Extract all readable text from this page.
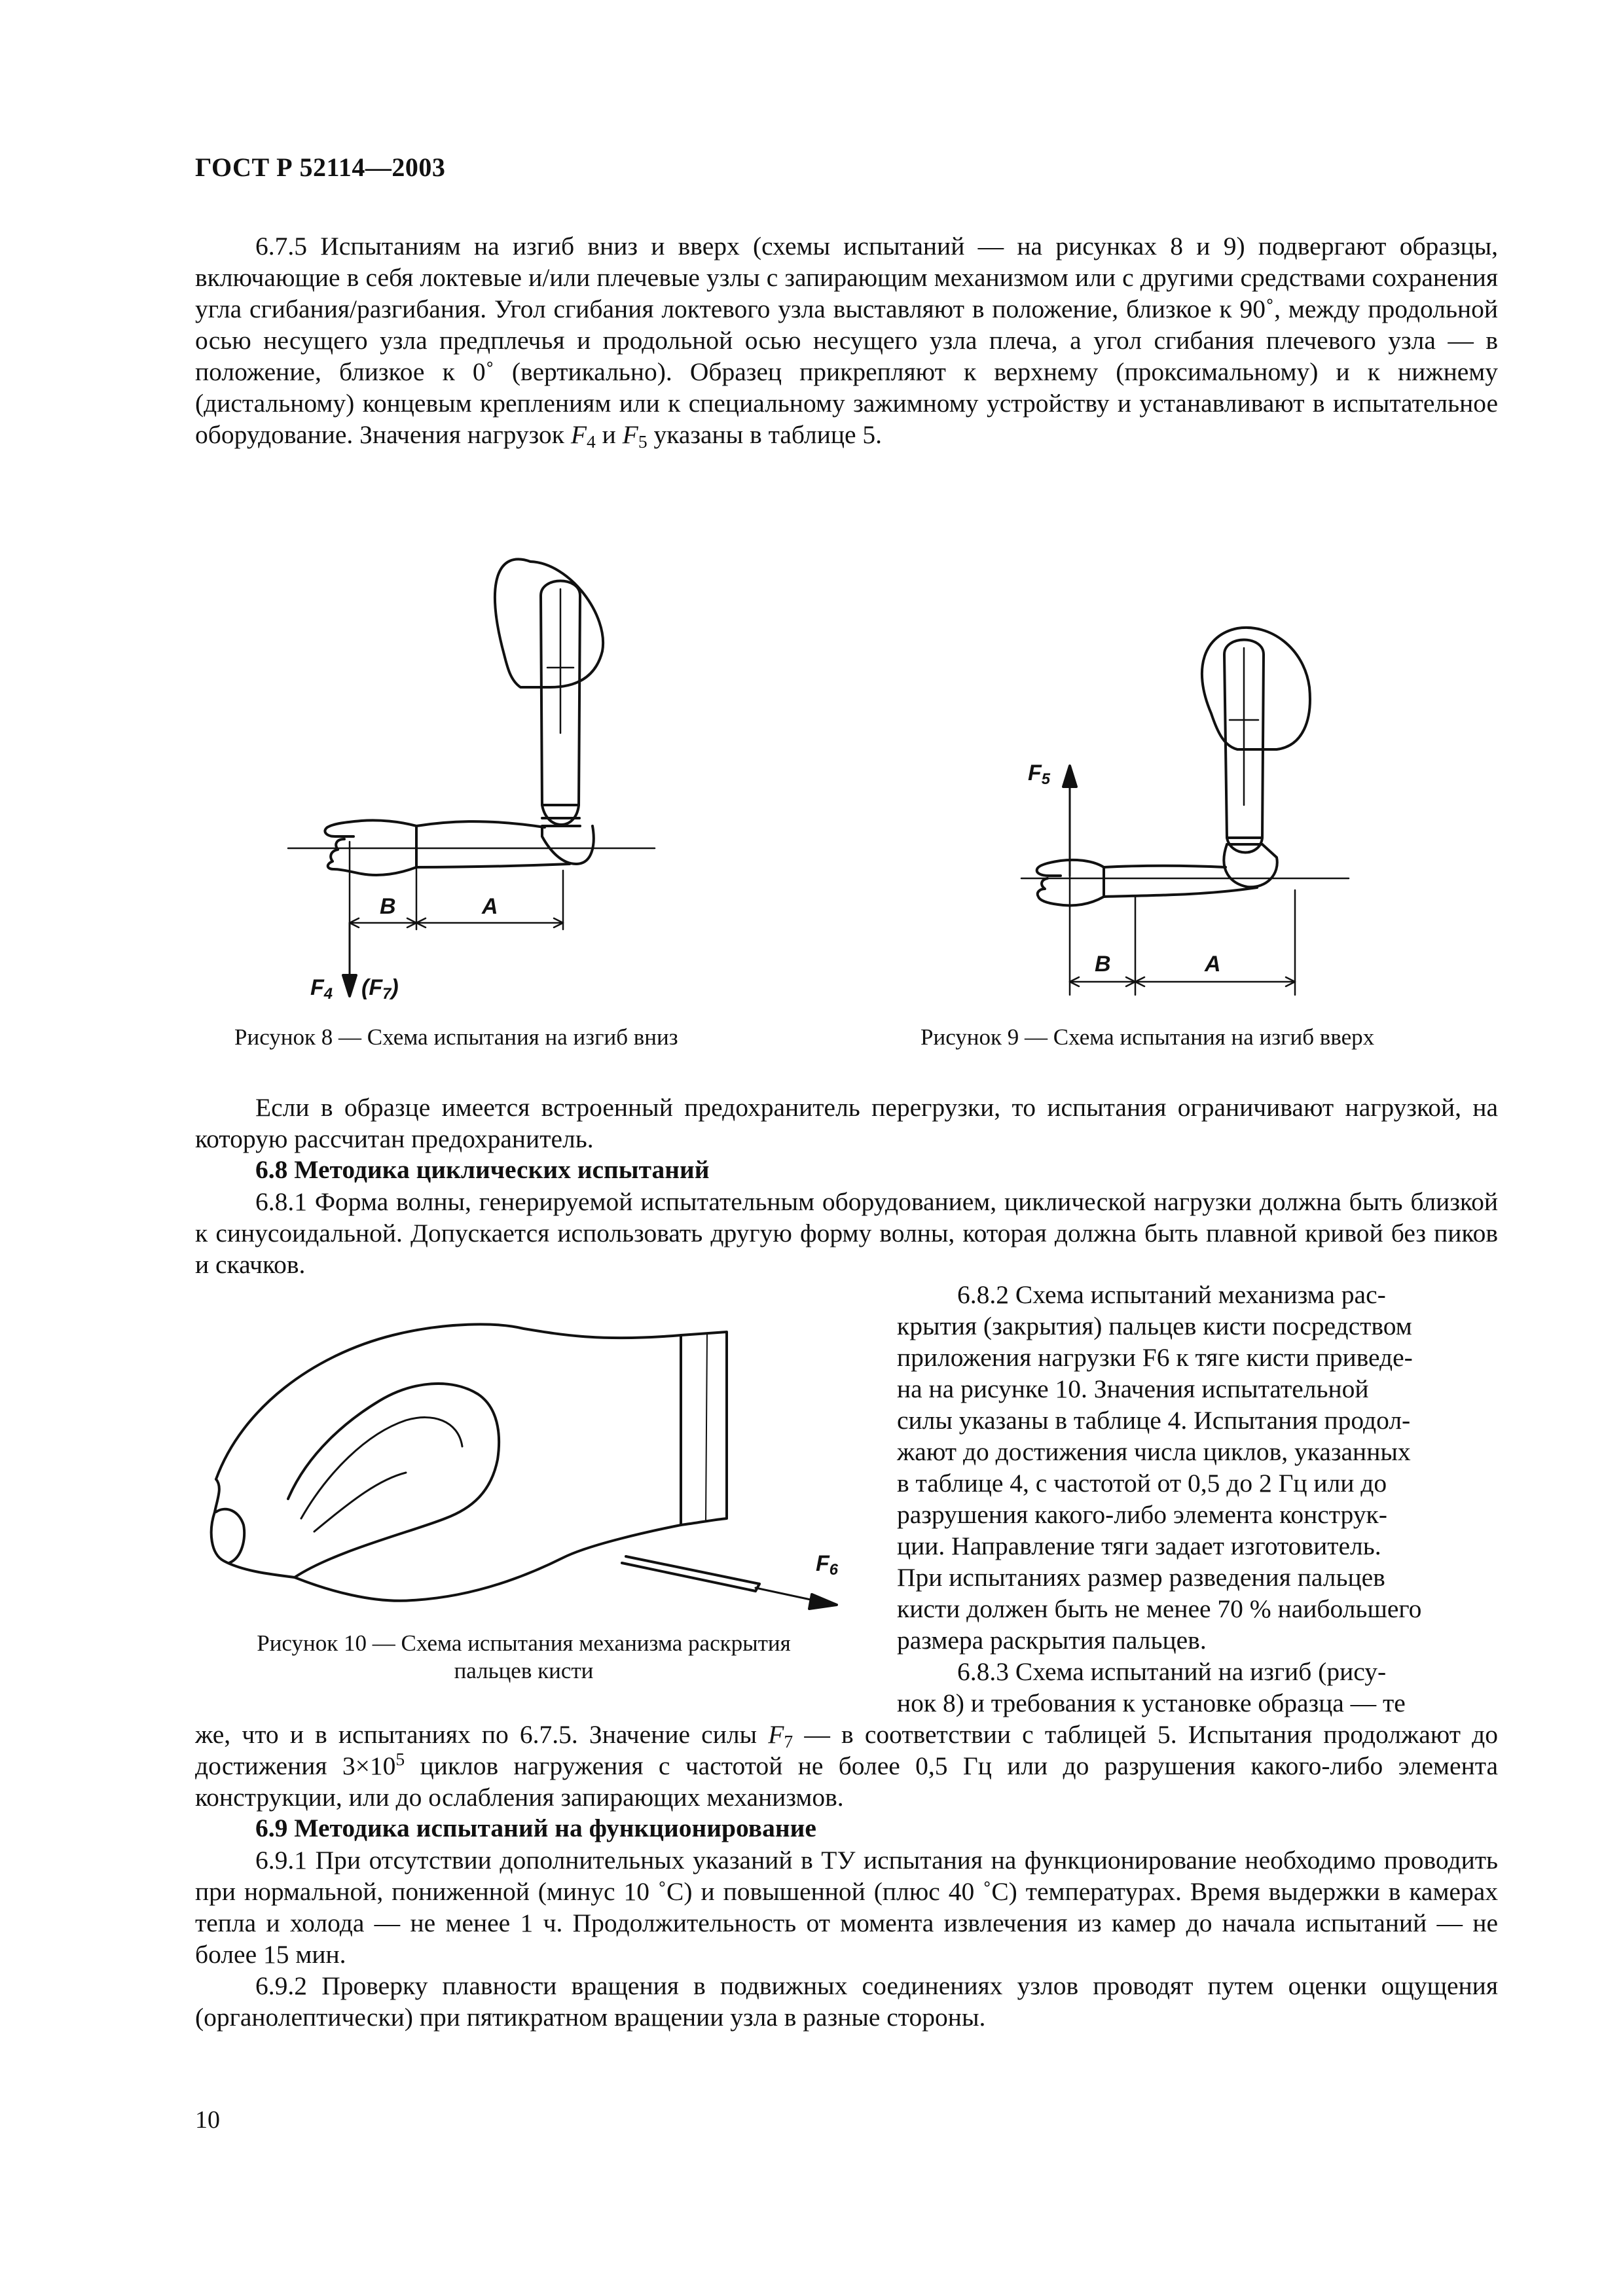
ГОСТ Р 52114—2003

6.7.5 Испытаниям на изгиб вниз и вверх (схемы испытаний — на рисунках 8 и 9) подвергают образцы, включающие в себя локтевые и/или плечевые узлы с запирающим механизмом или с другими средствами сохранения угла сгибания/разгибания. Угол сгибания локтевого узла выставляют в положение, близкое к 90˚, между продольной осью несущего узла предплечья и продольной осью несущего узла плеча, а угол сгибания плечевого узла — в положение, близкое к 0˚ (вертикально). Образец прикрепляют к верхнему (проксимальному) и к нижнему (дистальному) концевым креплениям или к специальному зажимному устройству и устанавливают в испытательное оборудование. Значения нагрузок $F_4$ и $F_5$ указаны в таблице 5.

B	A
$F_4$ $(F_7)$
Рисунок 8 — Схема испытания на изгиб вниз
$F_5$
B	A
Рисунок 9 — Схема испытания на изгиб вверх

Если в образце имеется встроенный предохранитель перегрузки, то испытания ограничивают нагрузкой, на которую рассчитан предохранитель.

6.8 Методика циклических испытаний

6.8.1 Форма волны, генерируемой испытательным оборудованием, циклической нагрузки должна быть близкой к синусоидальной. Допускается использовать другую форму волны, которая должна быть плавной кривой без пиков и скачков.

$F_6$
Рисунок 10 — Схема испытания механизма раскрытия
пальцев кисти
6.8.2 Схема испытаний механизма рас-
крытия (закрытия) пальцев кисти посредством
приложения нагрузки F6 к тяге кисти приведе-
на на рисунке 10. Значения испытательной
силы указаны в таблице 4. Испытания продол-
жают до достижения числа циклов, указанных
в таблице 4, с частотой от 0,5 до 2 Гц или до
разрушения какого-либо элемента конструк-
ции. Направление тяги задает изготовитель.
При испытаниях размер разведения пальцев
кисти должен быть не менее 70 % наибольшего
размера раскрытия пальцев.
6.8.3 Схема испытаний на изгиб (рису-
нок 8) и требования к установке образца — те

же, что и в испытаниях по 6.7.5. Значение силы $F_7$ — в соответствии с таблицей 5. Испытания продолжают до достижения $3\times 10^5$ циклов нагружения с частотой не более 0,5 Гц или до разрушения какого-либо элемента конструкции, или до ослабления запирающих механизмов.

6.9 Методика испытаний на функционирование

6.9.1 При отсутствии дополнительных указаний в ТУ испытания на функционирование необходимо проводить при нормальной, пониженной (минус 10 ˚С) и повышенной (плюс 40 ˚С) температурах. Время выдержки в камерах тепла и холода — не менее 1 ч. Продолжительность от момента извлечения из камер до начала испытаний — не более 15 мин.

6.9.2 Проверку плавности вращения в подвижных соединениях узлов проводят путем оценки ощущения (органолептически) при пятикратном вращении узла в разные стороны.

10
